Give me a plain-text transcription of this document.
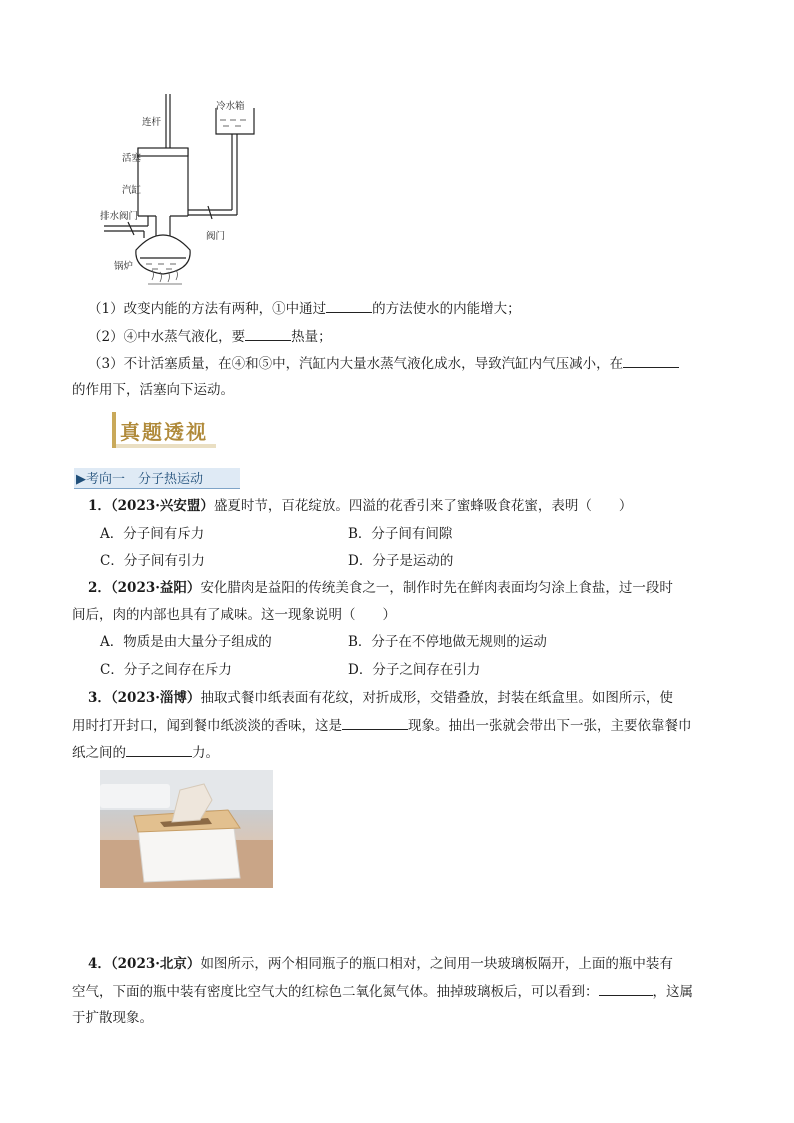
连杆
活塞
汽缸
排水阀门
阀门
锅炉
冷水箱
（1）改变内能的方法有两种，①中通过	的方法使水的内能增大；
（2）④中水蒸气液化，要	热量；
（3）不计活塞质量，在④和⑤中，汽缸内大量水蒸气液化成水，导致汽缸内气压减小，在
的作用下，活塞向下运动。
真题透视
▶考向一　分子热运动
1．（2023·兴安盟）盛夏时节，百花绽放。四溢的花香引来了蜜蜂吸食花蜜，表明（　　）
A．分子间有斥力	B．分子间有间隙
C．分子间有引力	D．分子是运动的
2．（2023·益阳）安化腊肉是益阳的传统美食之一，制作时先在鲜肉表面均匀涂上食盐，过一段时
间后，肉的内部也具有了咸味。这一现象说明（　　）
A．物质是由大量分子组成的	B．分子在不停地做无规则的运动
C．分子之间存在斥力	D．分子之间存在引力
3．（2023·淄博）抽取式餐巾纸表面有花纹，对折成形，交错叠放，封装在纸盒里。如图所示，使
用时打开封口，闻到餐巾纸淡淡的香味，这是	现象。抽出一张就会带出下一张，主要依靠餐巾
纸之间的	力。
4．（2023·北京）如图所示，两个相同瓶子的瓶口相对，之间用一块玻璃板隔开，上面的瓶中装有
空气，下面的瓶中装有密度比空气大的红棕色二氧化氮气体。抽掉玻璃板后，可以看到：	，这属
于扩散现象。
